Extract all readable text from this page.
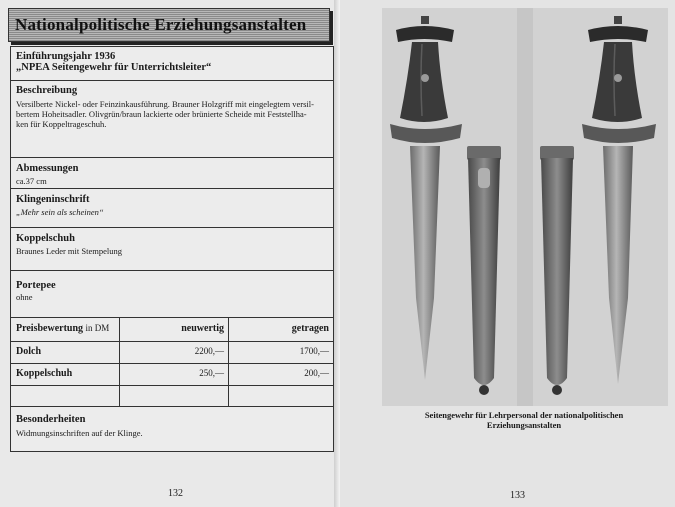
Nationalpolitische Erziehungsanstalten
Einführungsjahr 1936
„NPEA Seitengewehr für Unterrichtsleiter“
Beschreibung
Versilberte Nickel- oder Feinzinkausführung. Brauner Holzgriff mit eingelegtem versil-
bertem Hoheitsadler. Olivgrün/braun lackierte oder brünierte Scheide mit Feststellha-
ken für Koppeltrageschuh.
Abmessungen
ca.37 cm
Klingeninschrift
„Mehr sein als scheinen“
Koppelschuh
Braunes Leder mit Stempelung
Portepee
ohne
Preisbewertung in DM	neuwertig	getragen
Dolch	2200,—	1700,—
Koppelschuh	250,—	200,—
Besonderheiten
Widmungsinschriften auf der Klinge.
132
Seitengewehr für Lehrpersonal der nationalpolitischen
Erziehungsanstalten
133
